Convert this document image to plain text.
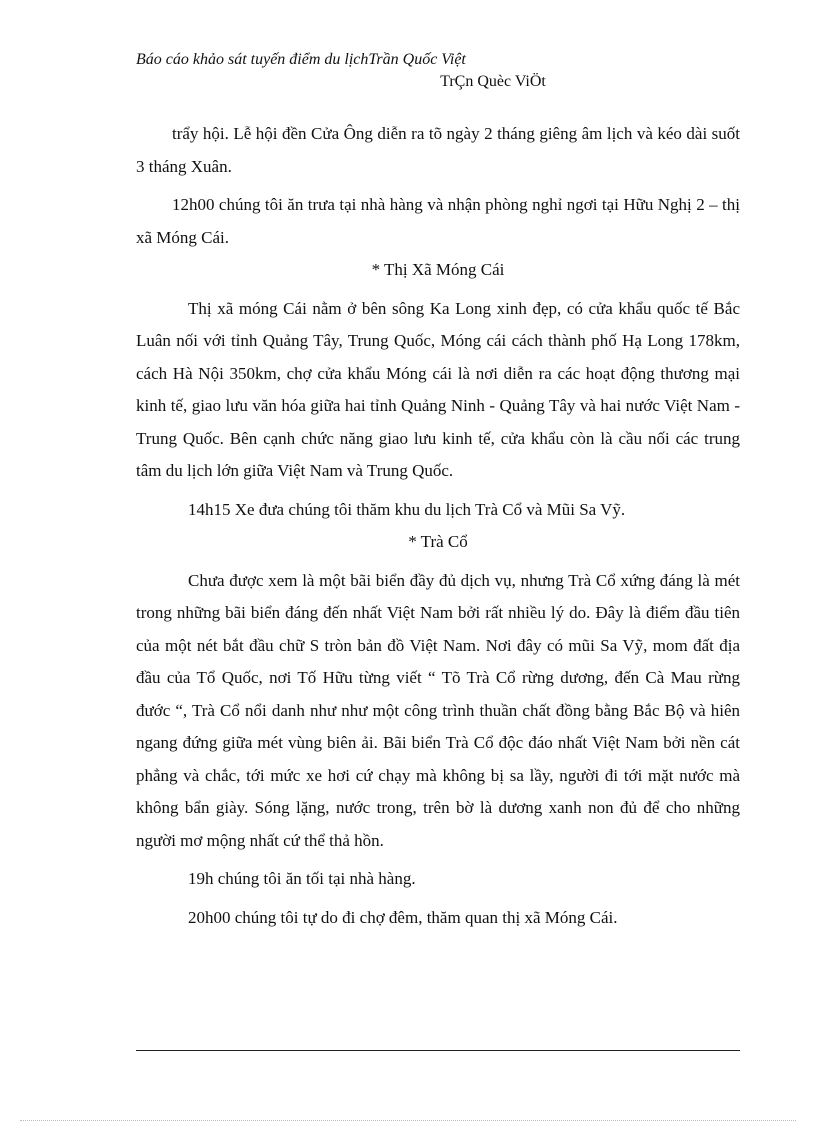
Báo cáo khảo sát tuyến điểm du lịchTrần Quốc Việt
TrÇn Quèc ViÖt

trẩy hội. Lễ hội đền Cửa Ông diễn ra tõ ngày 2 tháng giêng âm lịch và kéo dài suốt 3 tháng Xuân.

12h00 chúng tôi ăn trưa tại nhà hàng và nhận phòng nghỉ ngơi tại Hữu Nghị 2 – thị xã Móng Cái.

* Thị Xã Móng Cái

Thị xã móng Cái nằm ở bên sông Ka Long xinh đẹp, có cửa khẩu quốc tế Bắc Luân nối với tỉnh Quảng Tây, Trung Quốc, Móng cái cách thành phố Hạ Long 178km, cách Hà Nội 350km, chợ cửa khẩu Móng cái là nơi diễn ra các hoạt động thương mại kinh tế, giao lưu văn hóa giữa hai tỉnh Quảng Ninh - Quảng Tây và hai nước Việt Nam - Trung Quốc. Bên cạnh chức năng giao lưu kinh tế, cửa khẩu còn là cầu nối các trung tâm du lịch lớn giữa Việt Nam và Trung Quốc.

14h15 Xe đưa chúng tôi thăm khu du lịch Trà Cổ và Mũi Sa Vỹ.

* Trà Cổ

Chưa được xem là một bãi biển đầy đủ dịch vụ, nhưng Trà Cổ xứng đáng là mét trong những bãi biển đáng đến nhất Việt Nam bởi rất nhiều lý do. Đây là điểm đầu tiên của một nét bắt đầu chữ S tròn bản đồ Việt Nam. Nơi đây có mũi Sa Vỹ, mom đất địa đầu của Tổ Quốc, nơi Tố Hữu từng viết “ Tõ Trà Cổ rừng dương, đến Cà Mau rừng đước “, Trà Cổ nổi danh như như một công trình thuần chất đồng bằng Bắc Bộ và hiên ngang đứng giữa mét vùng biên ải. Bãi biển Trà Cổ độc đáo nhất Việt Nam bởi nền cát phẳng và chắc, tới mức xe hơi cứ chạy mà không bị sa lầy, người đi tới mặt nước mà không bẩn giày. Sóng lặng, nước trong, trên bờ là dương xanh non đủ để cho những người mơ mộng nhất cứ thể thả hồn.

19h chúng tôi ăn tối tại nhà hàng.

20h00 chúng tôi tự do đi chợ đêm, thăm quan thị xã Móng Cái.
